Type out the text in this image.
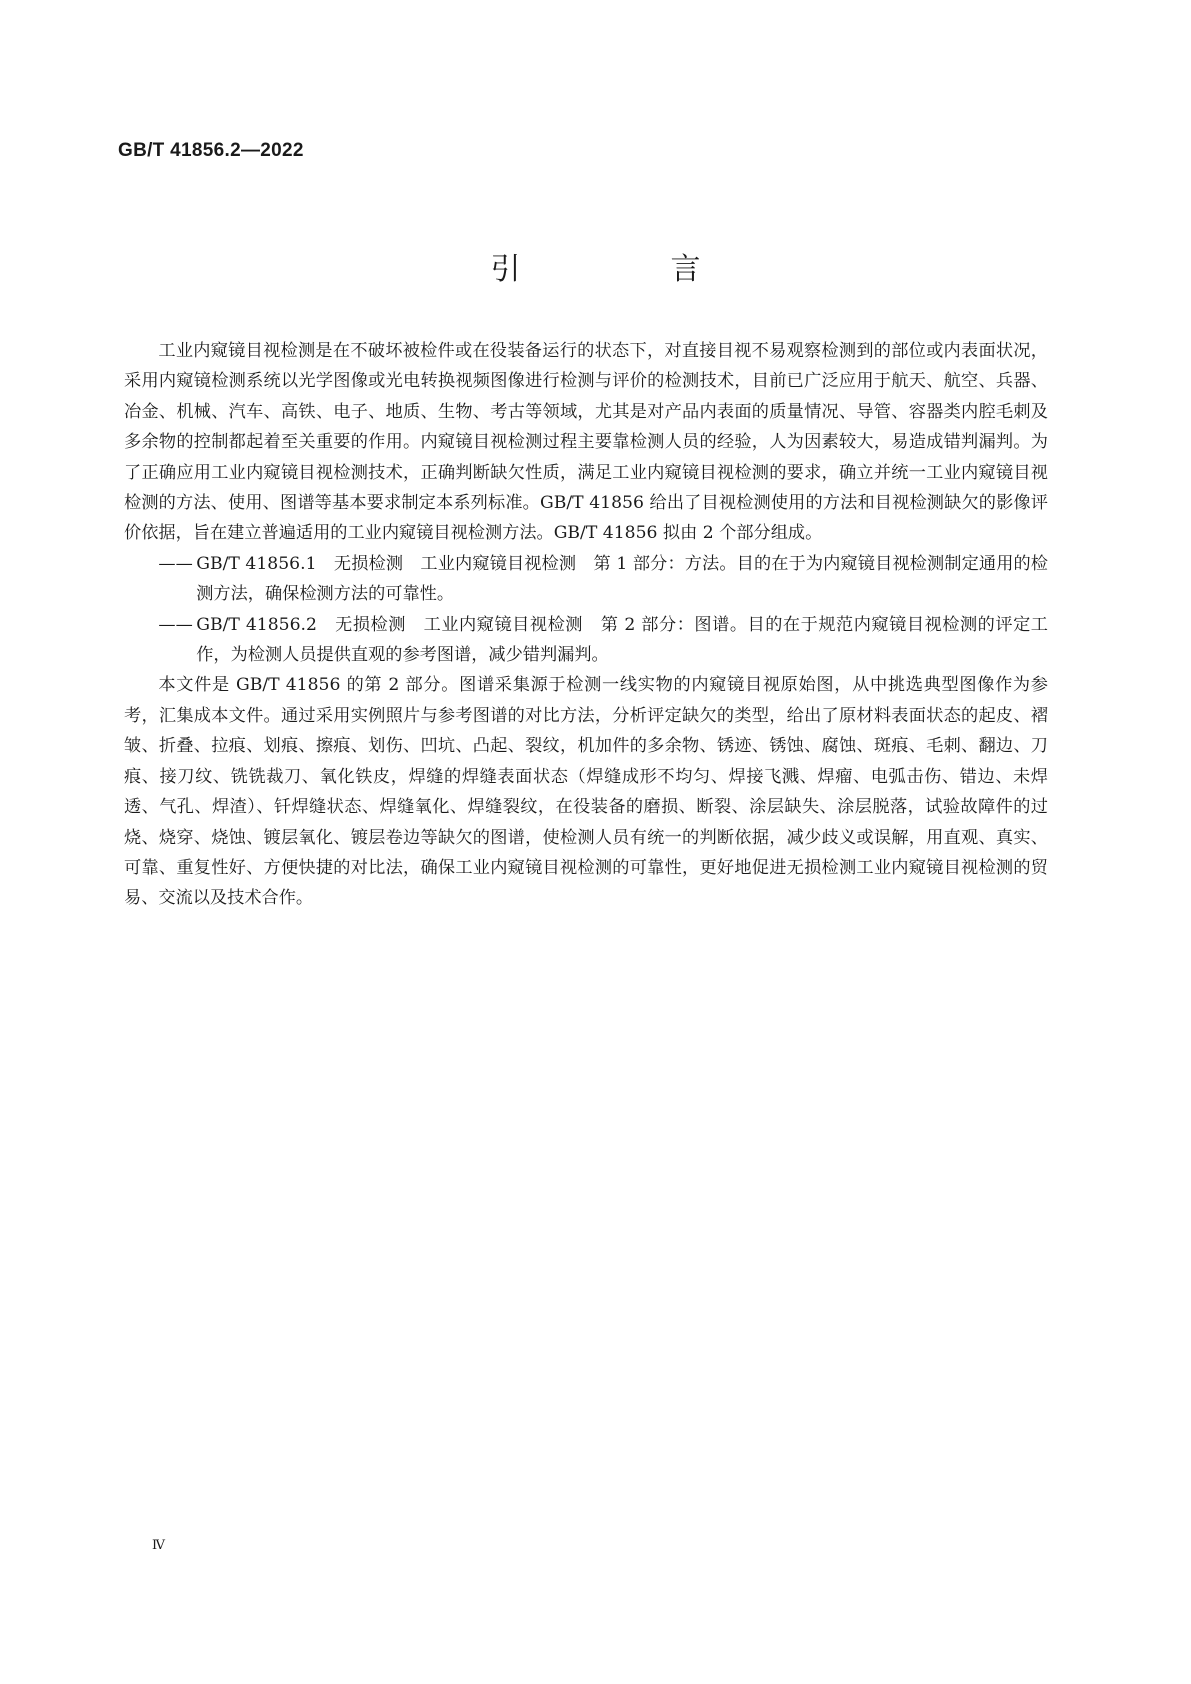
GB/T 41856.2—2022
引　言

工业内窥镜目视检测是在不破坏被检件或在役装备运行的状态下，对直接目视不易观察检测到的部位或内表面状况，采用内窥镜检测系统以光学图像或光电转换视频图像进行检测与评价的检测技术，目前已广泛应用于航天、航空、兵器、冶金、机械、汽车、高铁、电子、地质、生物、考古等领域，尤其是对产品内表面的质量情况、导管、容器类内腔毛刺及多余物的控制都起着至关重要的作用。内窥镜目视检测过程主要靠检测人员的经验，人为因素较大，易造成错判漏判。为了正确应用工业内窥镜目视检测技术，正确判断缺欠性质，满足工业内窥镜目视检测的要求，确立并统一工业内窥镜目视检测的方法、使用、图谱等基本要求制定本系列标准。GB/T 41856 给出了目视检测使用的方法和目视检测缺欠的影像评价依据，旨在建立普遍适用的工业内窥镜目视检测方法。GB/T 41856 拟由 2 个部分组成。

—— GB/T 41856.1　无损检测　工业内窥镜目视检测　第 1 部分：方法。目的在于为内窥镜目视检测制定通用的检测方法，确保检测方法的可靠性。

—— GB/T 41856.2　无损检测　工业内窥镜目视检测　第 2 部分：图谱。目的在于规范内窥镜目视检测的评定工作，为检测人员提供直观的参考图谱，减少错判漏判。

本文件是 GB/T 41856 的第 2 部分。图谱采集源于检测一线实物的内窥镜目视原始图，从中挑选典型图像作为参考，汇集成本文件。通过采用实例照片与参考图谱的对比方法，分析评定缺欠的类型，给出了原材料表面状态的起皮、褶皱、折叠、拉痕、划痕、擦痕、划伤、凹坑、凸起、裂纹，机加件的多余物、锈迹、锈蚀、腐蚀、斑痕、毛刺、翻边、刀痕、接刀纹、铣铣裁刀、氧化铁皮，焊缝的焊缝表面状态（焊缝成形不均匀、焊接飞溅、焊瘤、电弧击伤、错边、未焊透、气孔、焊渣）、钎焊缝状态、焊缝氧化、焊缝裂纹，在役装备的磨损、断裂、涂层缺失、涂层脱落，试验故障件的过烧、烧穿、烧蚀、镀层氧化、镀层卷边等缺欠的图谱，使检测人员有统一的判断依据，减少歧义或误解，用直观、真实、可靠、重复性好、方便快捷的对比法，确保工业内窥镜目视检测的可靠性，更好地促进无损检测工业内窥镜目视检测的贸易、交流以及技术合作。

Ⅳ
